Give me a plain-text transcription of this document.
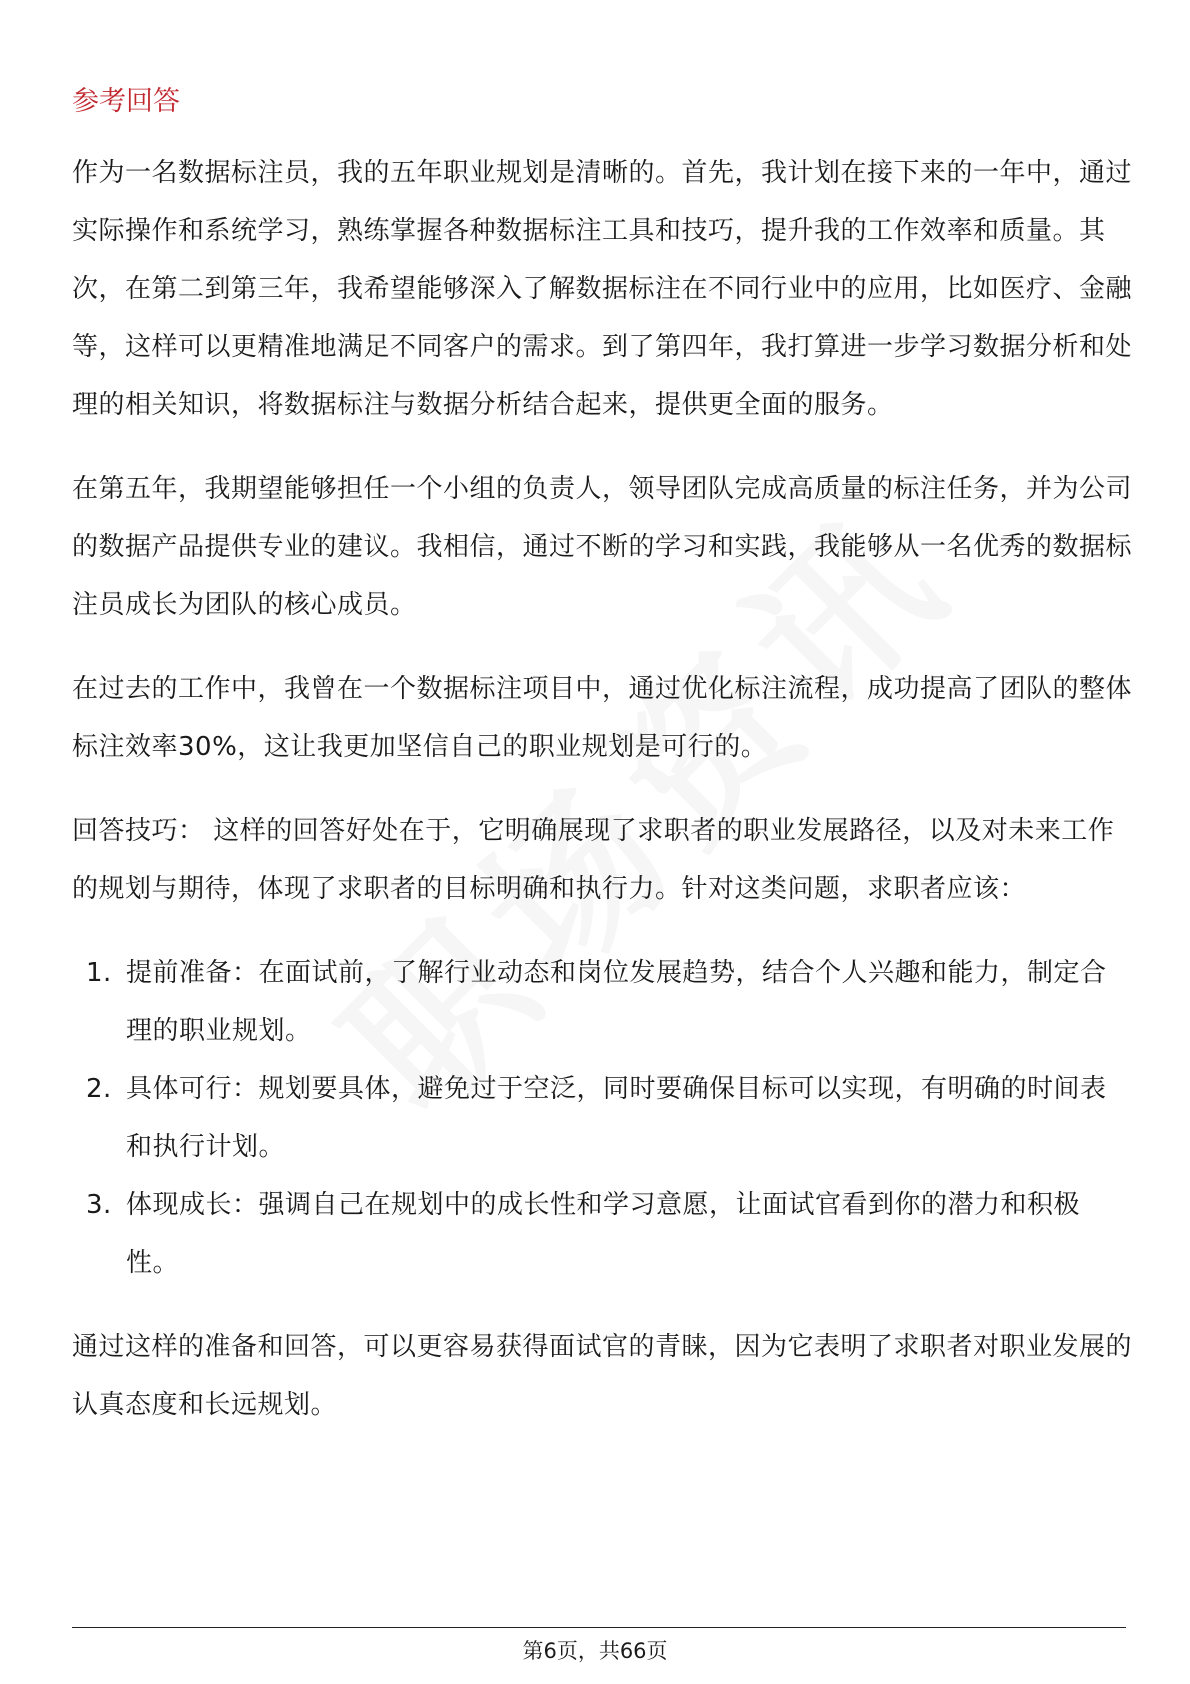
参考回答

作为一名数据标注员，我的五年职业规划是清晰的。首先，我计划在接下来的一年中，通过实际操作和系统学习，熟练掌握各种数据标注工具和技巧，提升我的工作效率和质量。其次，在第二到第三年，我希望能够深入了解数据标注在不同行业中的应用，比如医疗、金融等，这样可以更精准地满足不同客户的需求。到了第四年，我打算进一步学习数据分析和处理的相关知识，将数据标注与数据分析结合起来，提供更全面的服务。

在第五年，我期望能够担任一个小组的负责人，领导团队完成高质量的标注任务，并为公司的数据产品提供专业的建议。我相信，通过不断的学习和实践，我能够从一名优秀的数据标注员成长为团队的核心成员。

在过去的工作中，我曾在一个数据标注项目中，通过优化标注流程，成功提高了团队的整体标注效率30%，这让我更加坚信自己的职业规划是可行的。

回答技巧： 这样的回答好处在于，它明确展现了求职者的职业发展路径，以及对未来工作的规划与期待，体现了求职者的目标明确和执行力。针对这类问题，求职者应该：

1. 提前准备：在面试前，了解行业动态和岗位发展趋势，结合个人兴趣和能力，制定合理的职业规划。
2. 具体可行：规划要具体，避免过于空泛，同时要确保目标可以实现，有明确的时间表和执行计划。
3. 体现成长：强调自己在规划中的成长性和学习意愿，让面试官看到你的潜力和积极性。

通过这样的准备和回答，可以更容易获得面试官的青睐，因为它表明了求职者对职业发展的认真态度和长远规划。

第6页，共66页
